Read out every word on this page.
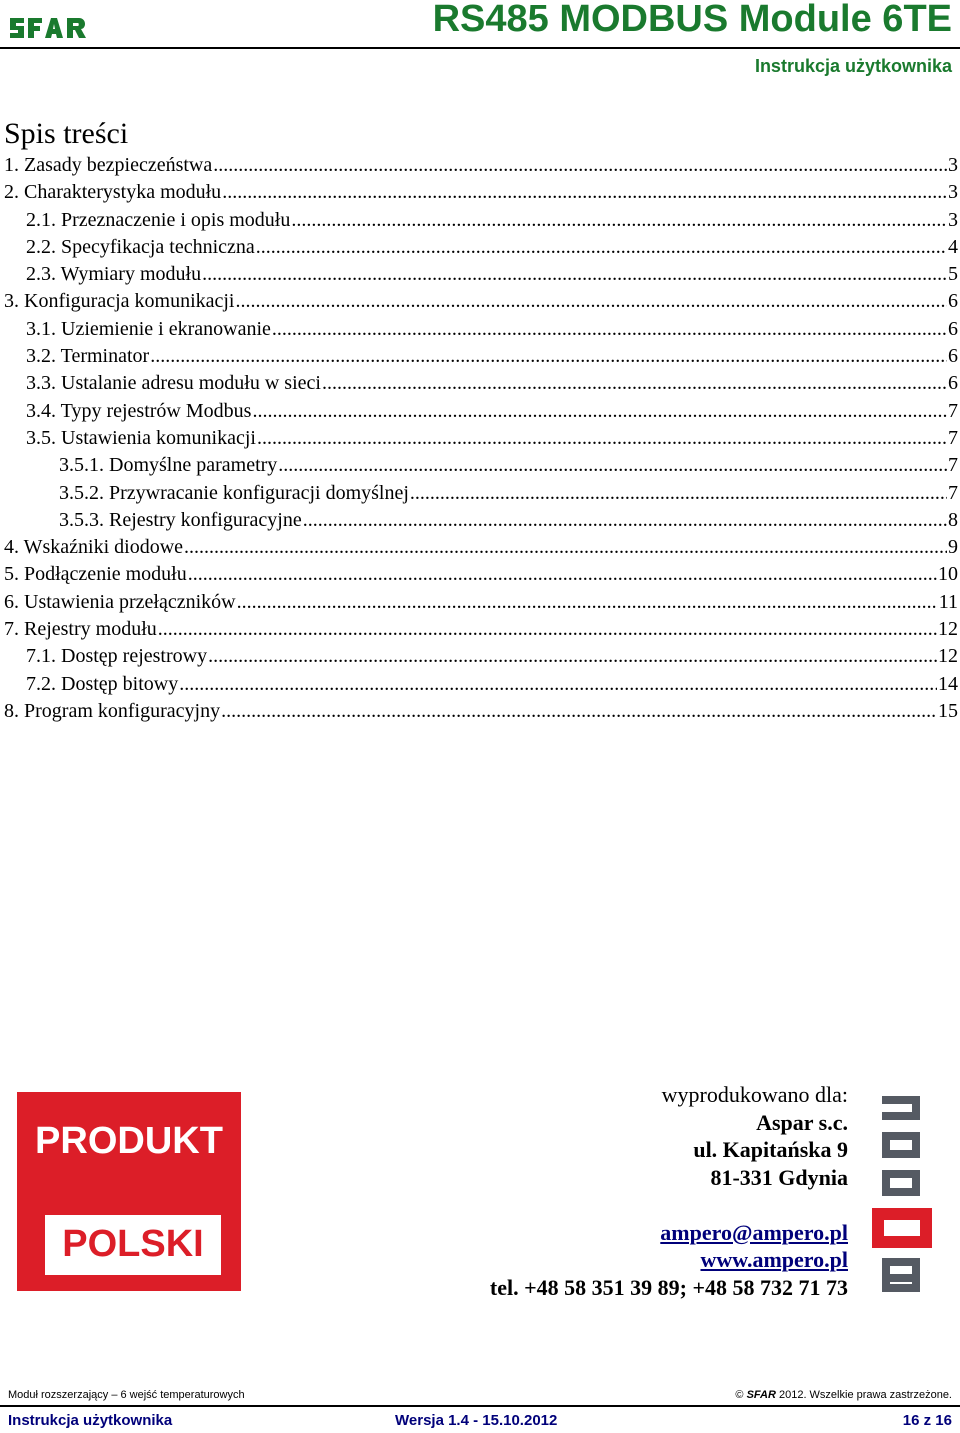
RS485 MODBUS Module 6TE
Instrukcja użytkownika
Spis treści
1. Zasady bezpieczeństwa .....	3
2. Charakterystyka modułu .....	3
2.1. Przeznaczenie i opis modułu .....	3
2.2. Specyfikacja techniczna .....	4
2.3. Wymiary modułu .....	5
3. Konfiguracja komunikacji .....	6
3.1. Uziemienie i ekranowanie .....	6
3.2. Terminator .....	6
3.3. Ustalanie adresu modułu w sieci .....	6
3.4. Typy rejestrów Modbus .....	7
3.5. Ustawienia komunikacji .....	7
3.5.1. Domyślne parametry .....	7
3.5.2. Przywracanie konfiguracji domyślnej .....	7
3.5.3. Rejestry konfiguracyjne .....	8
4. Wskaźniki diodowe .....	9
5. Podłączenie modułu .....	10
6. Ustawienia przełączników .....	11
7. Rejestry modułu .....	12
7.1. Dostęp rejestrowy .....	12
7.2. Dostęp bitowy .....	14
8. Program konfiguracyjny .....	15
PRODUKT
POLSKI
wyprodukowano dla:
Aspar s.c.
ul. Kapitańska 9
81-331 Gdynia
ampero@ampero.pl
www.ampero.pl
tel. +48 58 351 39 89; +48 58 732 71 73
Moduł rozszerzający – 6 wejść temperaturowych	© SFAR 2012. Wszelkie prawa zastrzeżone.
Instrukcja użytkownika	Wersja 1.4 - 15.10.2012	16 z 16
